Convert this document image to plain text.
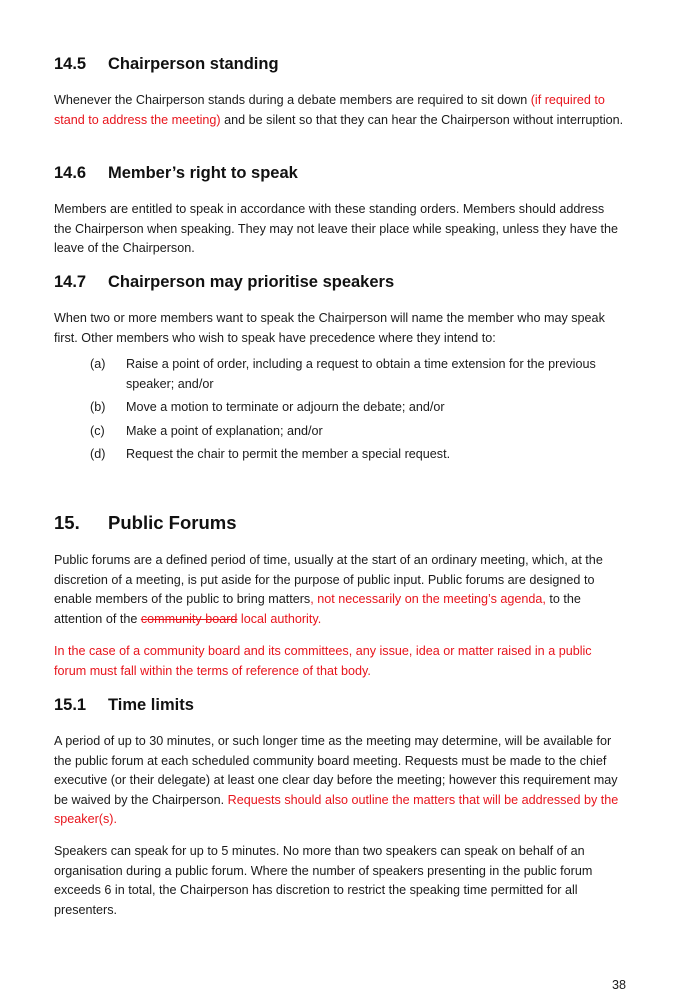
14.5 Chairperson standing

Whenever the Chairperson stands during a debate members are required to sit down (if required to stand to address the meeting) and be silent so that they can hear the Chairperson without interruption.

14.6 Member’s right to speak

Members are entitled to speak in accordance with these standing orders. Members should address the Chairperson when speaking. They may not leave their place while speaking, unless they have the leave of the Chairperson.

14.7 Chairperson may prioritise speakers

When two or more members want to speak the Chairperson will name the member who may speak first. Other members who wish to speak have precedence where they intend to:

(a) Raise a point of order, including a request to obtain a time extension for the previous speaker; and/or
(b) Move a motion to terminate or adjourn the debate; and/or
(c) Make a point of explanation; and/or
(d) Request the chair to permit the member a special request.
15. Public Forums

Public forums are a defined period of time, usually at the start of an ordinary meeting, which, at the discretion of a meeting, is put aside for the purpose of public input. Public forums are designed to enable members of the public to bring matters, not necessarily on the meeting’s agenda, to the attention of the community board local authority.

In the case of a community board and its committees, any issue, idea or matter raised in a public forum must fall within the terms of reference of that body.

15.1 Time limits

A period of up to 30 minutes, or such longer time as the meeting may determine, will be available for the public forum at each scheduled community board meeting. Requests must be made to the chief executive (or their delegate) at least one clear day before the meeting; however this requirement may be waived by the Chairperson. Requests should also outline the matters that will be addressed by the speaker(s).

Speakers can speak for up to 5 minutes. No more than two speakers can speak on behalf of an organisation during a public forum. Where the number of speakers presenting in the public forum exceeds 6 in total, the Chairperson has discretion to restrict the speaking time permitted for all presenters.

38
